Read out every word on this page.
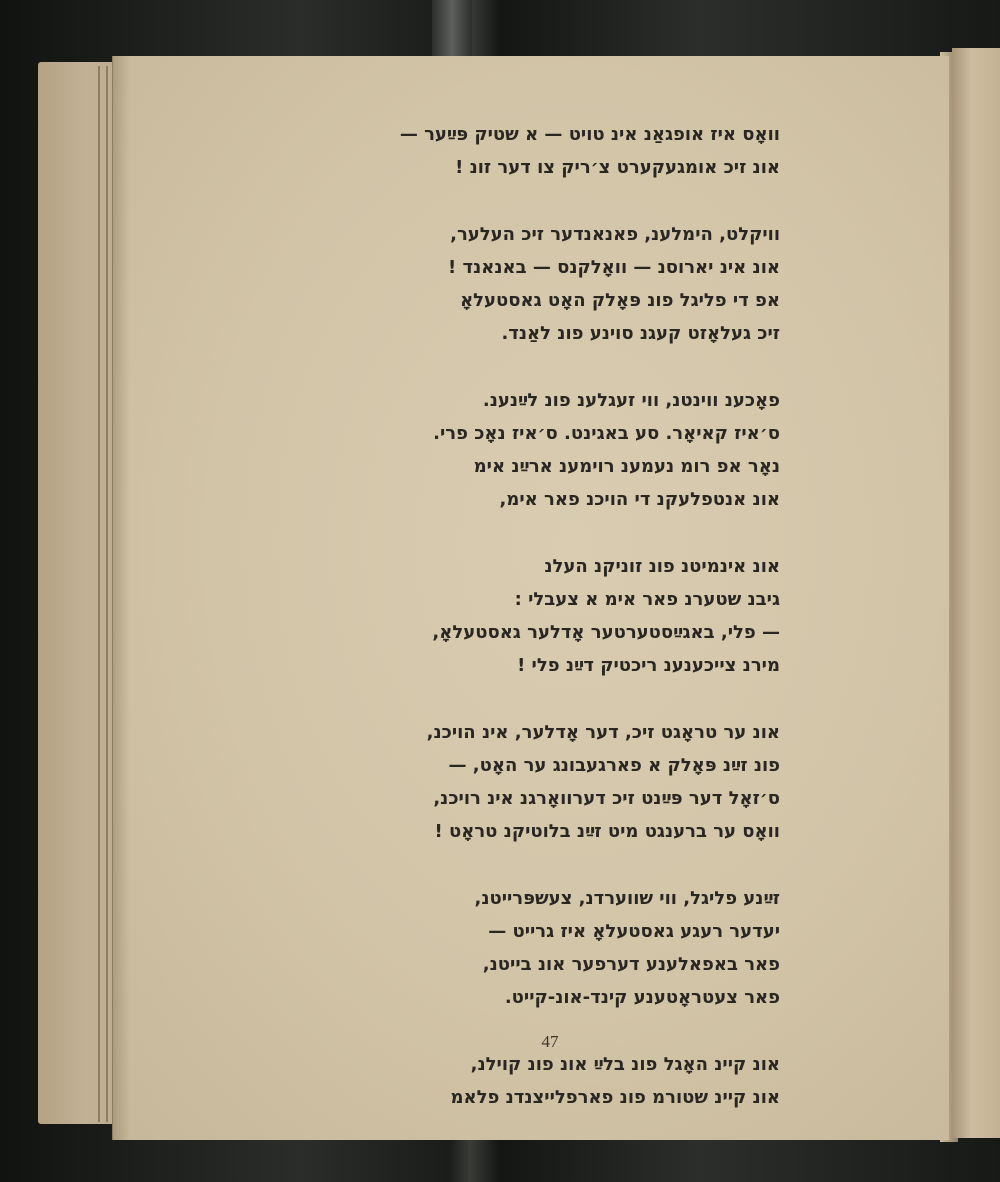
וואָס איז אופגאַנ אינ טויט — א שטיק פּײַער —
אונ זיכ אומגעקערט צ׳ריק צו דער זונ !
וויקלט, הימלענ, פאנאנדער זיכ העלער,
אונ אינ יארוסנ — וואָלקנס — באנאנד !
אפ די פליגל פונ פּאָלק האָט גאסטעלאָ
זיכ געלאָזט קעגנ סוינע פונ לאַנד.
פאָכענ ווינטנ, ווי זעגלענ פונ לײַנענ.
ס׳איז קאיאָר. סע באגינט. ס׳איז נאָכ פרי.
נאָר אפ רומ נעמענ רוימענ ארײַנ אימ
אונ אנטפלעקנ די הויכנ פאר אימ,
אונ אינמיטנ פונ זוניקנ העלנ
גיבנ שטערנ פאר אימ א צעבלי :
— פלי, באגײַסטערטער אָדלער גאסטעלאָ,
מירנ צייכענענ ריכטיק דײַנ פלי !
אונ ער טראָגט זיכ, דער אָדלער, אינ הויכנ,
פונ זײַנ פּאָלק א פארגעבונג ער האָט, —
ס׳זאָל דער פּײַנט זיכ דערוואָרגנ אינ רויכנ,
וואָס ער ברענגט מיט זײַנ בלוטיקנ טראָט !
זײַנע פליגל, ווי שווערדנ, צעשפּרייטנ,
יעדער רעגע גאסטעלאָ איז גרייט —
פאר באפאלענע דערפער אונ בייטנ,
פאר צעטראָטענע קינד-אונ-קייט.
אונ קיינ האָגל פונ בלײַ אונ פונ קוילנ,
אונ קיינ שטורמ פונ פארפלייצנדנ פלאמ
47
